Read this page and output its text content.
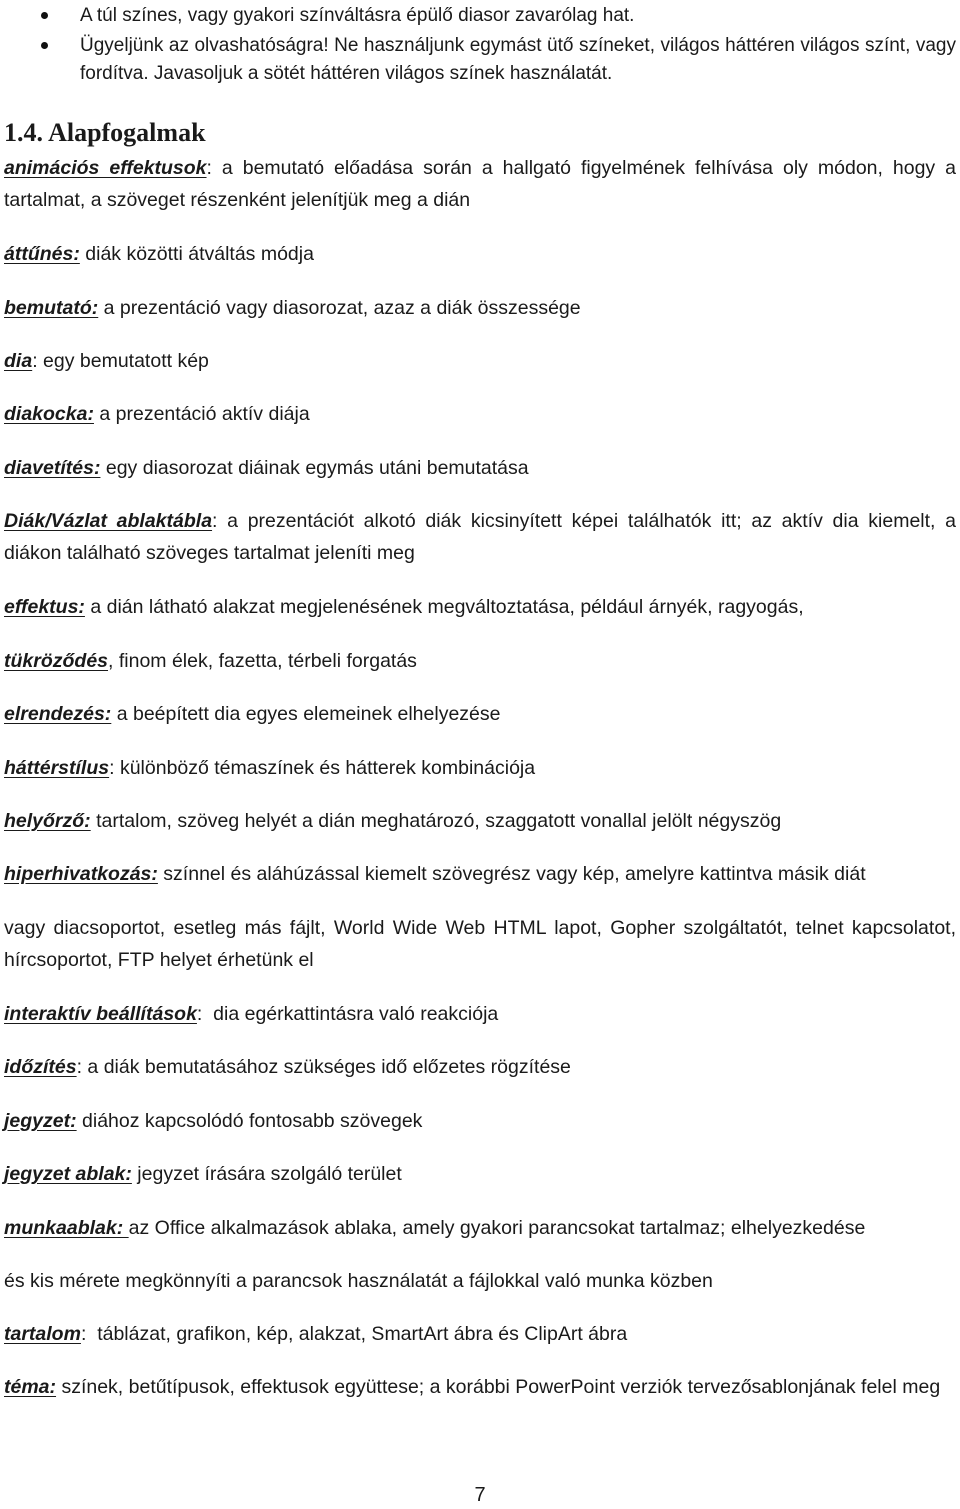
A túl színes, vagy gyakori színváltásra épülő diasor zavarólag hat.
Ügyeljünk az olvashatóságra! Ne használjunk egymást ütő színeket, világos háttéren világos színt, vagy fordítva. Javasoljuk a sötét háttéren világos színek használatát.
1.4. Alapfogalmak
animációs effektusok: a bemutató előadása során a hallgató figyelmének felhívása oly módon, hogy a tartalmat, a szöveget részenként jelenítjük meg a dián
áttűnés: diák közötti átváltás módja
bemutató: a prezentáció vagy diasorozat, azaz a diák összessége
dia: egy bemutatott kép
diakocka: a prezentáció aktív diája
diavetítés: egy diasorozat diáinak egymás utáni bemutatása
Diák/Vázlat ablaktábla: a prezentációt alkotó diák kicsinyített képei találhatók itt; az aktív dia kiemelt, a diákon található szöveges tartalmat jeleníti meg
effektus: a dián látható alakzat megjelenésének megváltoztatása, például árnyék, ragyogás,
tükröződés, finom élek, fazetta, térbeli forgatás
elrendezés: a beépített dia egyes elemeinek elhelyezése
háttérstílus: különböző témaszínek és hátterek kombinációja
helyőrző: tartalom, szöveg helyét a dián meghatározó, szaggatott vonallal jelölt négyszög
hiperhivatkozás: színnel és aláhúzással kiemelt szövegrész vagy kép, amelyre kattintva másik diát
vagy diacsoportot, esetleg más fájlt, World Wide Web HTML lapot, Gopher szolgáltatót, telnet kapcsolatot, hírcsoportot, FTP helyet érhetünk el
interaktív beállítások:  dia egérkattintásra való reakciója
időzítés: a diák bemutatásához szükséges idő előzetes rögzítése
jegyzet: diához kapcsolódó fontosabb szövegek
jegyzet ablak: jegyzet írására szolgáló terület
munkaablak: az Office alkalmazások ablaka, amely gyakori parancsokat tartalmaz; elhelyezkedése
és kis mérete megkönnyíti a parancsok használatát a fájlokkal való munka közben
tartalom:  táblázat, grafikon, kép, alakzat, SmartArt ábra és ClipArt ábra
téma: színek, betűtípusok, effektusok együttese; a korábbi PowerPoint verziók tervezősablonjának felel meg
7
